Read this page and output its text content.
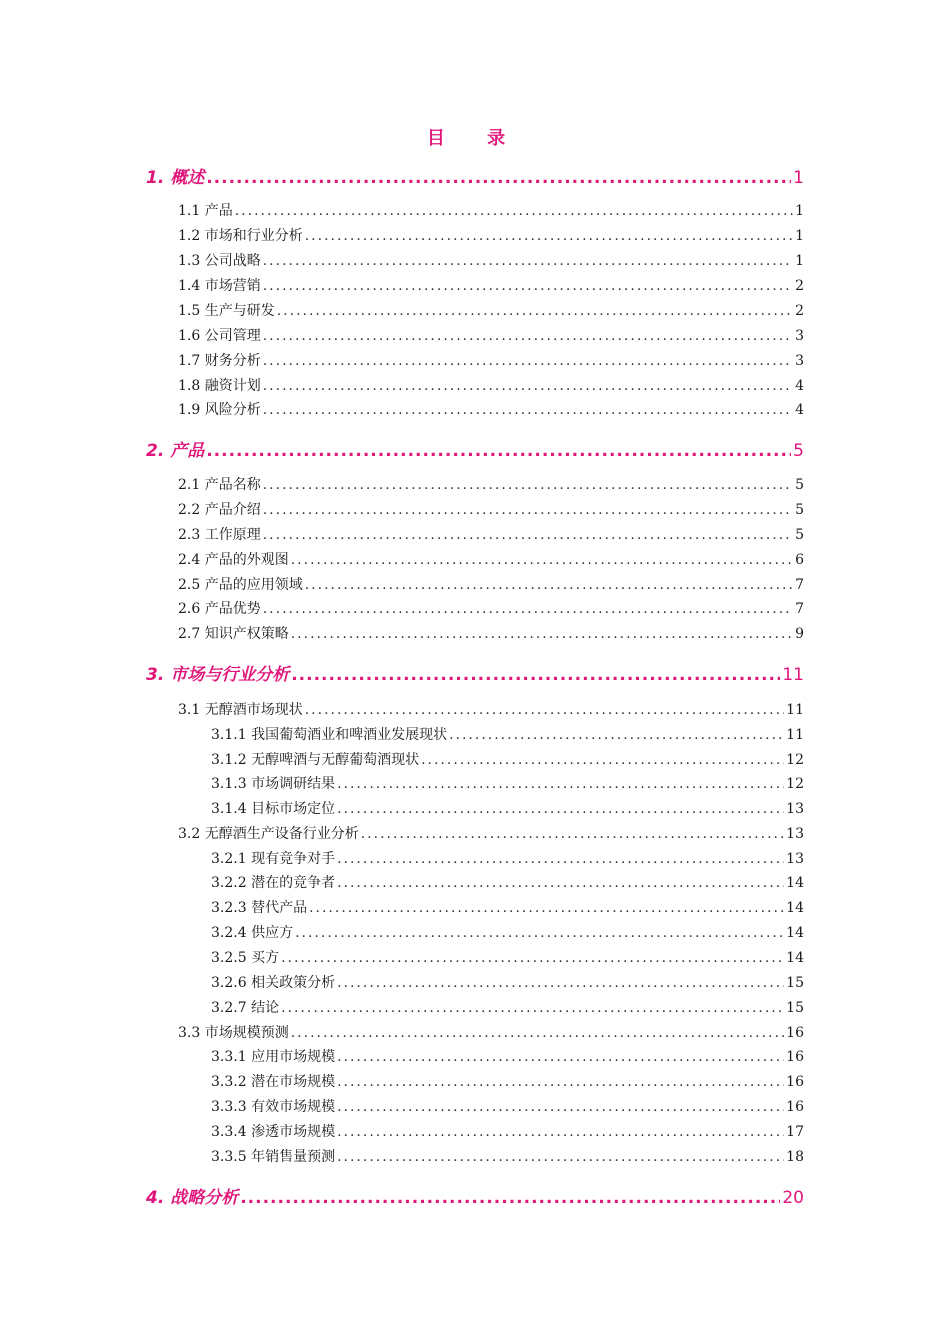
目 录
1. 概述 .....	1
1.1 产品 .....	1
1.2 市场和行业分析 .....	1
1.3 公司战略 .....	1
1.4 市场营销 .....	2
1.5 生产与研发 .....	2
1.6 公司管理 .....	3
1.7 财务分析 .....	3
1.8 融资计划 .....	4
1.9 风险分析 .....	4
2. 产品 .....	5
2.1 产品名称 .....	5
2.2 产品介绍 .....	5
2.3 工作原理 .....	5
2.4 产品的外观图 .....	6
2.5 产品的应用领域 .....	7
2.6 产品优势 .....	7
2.7 知识产权策略 .....	9
3. 市场与行业分析 .....	11
3.1 无醇酒市场现状 .....	11
3.1.1 我国葡萄酒业和啤酒业发展现状 .....	11
3.1.2 无醇啤酒与无醇葡萄酒现状 .....	12
3.1.3 市场调研结果 .....	12
3.1.4 目标市场定位 .....	13
3.2 无醇酒生产设备行业分析 .....	13
3.2.1 现有竞争对手 .....	13
3.2.2 潜在的竞争者 .....	14
3.2.3 替代产品 .....	14
3.2.4 供应方 .....	14
3.2.5 买方 .....	14
3.2.6 相关政策分析 .....	15
3.2.7 结论 .....	15
3.3 市场规模预测 .....	16
3.3.1 应用市场规模 .....	16
3.3.2 潜在市场规模 .....	16
3.3.3 有效市场规模 .....	16
3.3.4 渗透市场规模 .....	17
3.3.5 年销售量预测 .....	18
4. 战略分析 .....	20
